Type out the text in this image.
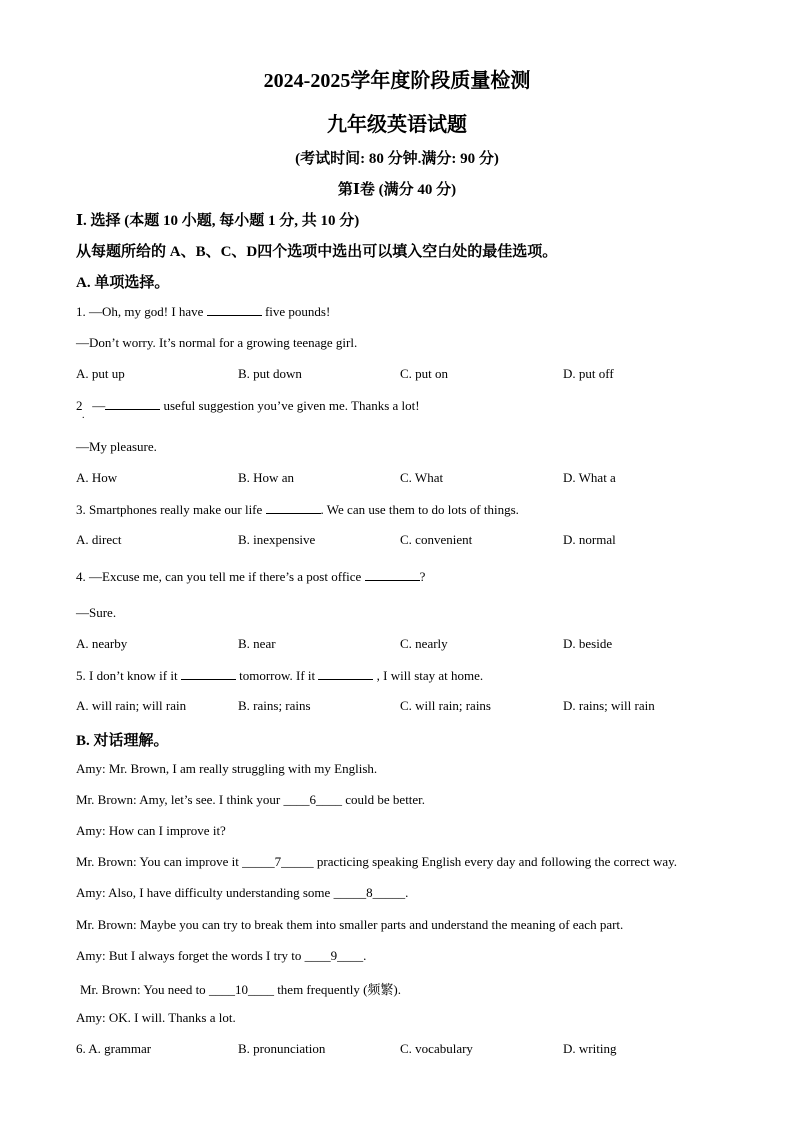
2024-2025学年度阶段质量检测
九年级英语试题
(考试时间: 80 分钟.满分: 90 分)
第Ⅰ卷 (满分 40 分)
Ⅰ. 选择 (本题 10 小题, 每小题 1 分, 共 10 分)
从每题所给的 A、B、C、D四个选项中选出可以填入空白处的最佳选项。
A. 单项选择。
1. —Oh, my god! I have	five pounds!
—Don’t worry. It’s normal for a growing teenage girl.
A. put up	B. put down	C. put on	D. put off
2 —	useful suggestion you’ve given me. Thanks a lot!
.
—My pleasure.
A. How	B. How an	C. What	D. What a
3. Smartphones really make our life	. We can use them to do lots of things.
A. direct	B. inexpensive	C. convenient	D. normal
4. —Excuse me, can you tell me if there’s a post office	?
—Sure.
A. nearby	B. near	C. nearly	D. beside
5. I don’t know if it	tomorrow. If it	, I will stay at home.
A. will rain; will rain	B. rains; rains	C. will rain; rains	D. rains; will rain
B. 对话理解。
Amy: Mr. Brown, I am really struggling with my English.
Mr. Brown: Amy, let’s see. I think your ____6____ could be better.
Amy: How can I improve it?
Mr. Brown: You can improve it _____7_____ practicing speaking English every day and following the correct way.
Amy: Also, I have difficulty understanding some _____8_____.
Mr. Brown: Maybe you can try to break them into smaller parts and understand the meaning of each part.
Amy: But I always forget the words I try to ____9____.
Mr. Brown: You need to ____10____ them frequently (频繁).
Amy: OK. I will. Thanks a lot.
6. A. grammar	B. pronunciation	C. vocabulary	D. writing
